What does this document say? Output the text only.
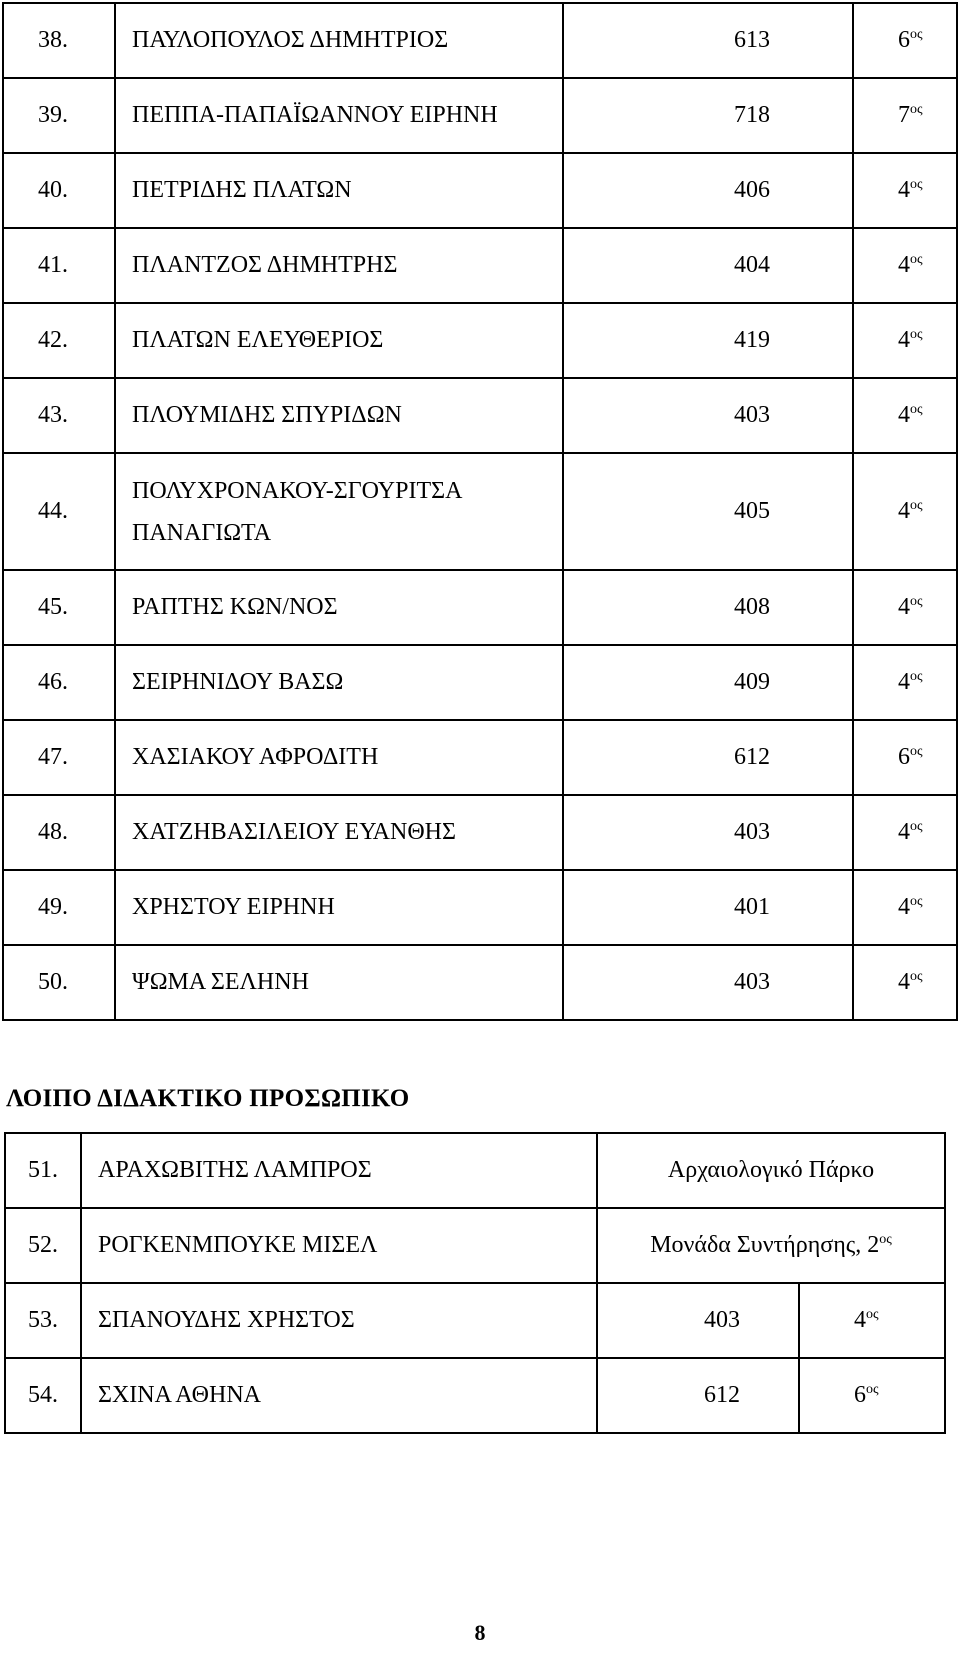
38.	ΠΑΥΛΟΠΟΥΛΟΣ ΔΗΜΗΤΡΙΟΣ	613	$6^{o\varsigma}$
39.	ΠΕΠΠΑ-ΠΑΠΑΪΩΑΝΝΟΥ ΕΙΡΗΝΗ	718	$7^{o\varsigma}$
40.	ΠΕΤΡΙΔΗΣ ΠΛΑΤΩΝ	406	$4^{o\varsigma}$
41.	ΠΛΑΝΤΖΟΣ ΔΗΜΗΤΡΗΣ	404	$4^{o\varsigma}$
42.	ΠΛΑΤΩΝ ΕΛΕΥΘΕΡΙΟΣ	419	$4^{o\varsigma}$
43.	ΠΛΟΥΜΙΔΗΣ ΣΠΥΡΙΔΩΝ	403	$4^{o\varsigma}$
44.	ΠΟΛΥΧΡΟΝΑΚΟΥ-ΣΓΟΥΡΙΤΣΑ
ΠΑΝΑΓΙΩΤΑ	405	$4^{o\varsigma}$
45.	ΡΑΠΤΗΣ ΚΩΝ/ΝΟΣ	408	$4^{o\varsigma}$
46.	ΣΕΙΡΗΝΙΔΟΥ ΒΑΣΩ	409	$4^{o\varsigma}$
47.	ΧΑΣΙΑΚΟΥ ΑΦΡΟΔΙΤΗ	612	$6^{o\varsigma}$
48.	ΧΑΤΖΗΒΑΣΙΛΕΙΟΥ ΕΥΑΝΘΗΣ	403	$4^{o\varsigma}$
49.	ΧΡΗΣΤΟΥ ΕΙΡΗΝΗ	401	$4^{o\varsigma}$
50.	ΨΩΜΑ ΣΕΛΗΝΗ	403	$4^{o\varsigma}$
ΛΟΙΠΟ ΔΙΔΑΚΤΙΚΟ ΠΡΟΣΩΠΙΚΟ
51.	ΑΡΑΧΩΒΙΤΗΣ ΛΑΜΠΡΟΣ	Αρχαιολογικό Πάρκο	
52.	ΡΟΓΚΕΝΜΠΟΥΚΕ ΜΙΣΕΛ	Μονάδα Συντήρησης, $2^{o\varsigma}$
53.	ΣΠΑΝΟΥΔΗΣ ΧΡΗΣΤΟΣ	403	$4^{o\varsigma}$
54.	ΣΧΙΝΑ ΑΘΗΝΑ	612	$6^{o\varsigma}$
8
